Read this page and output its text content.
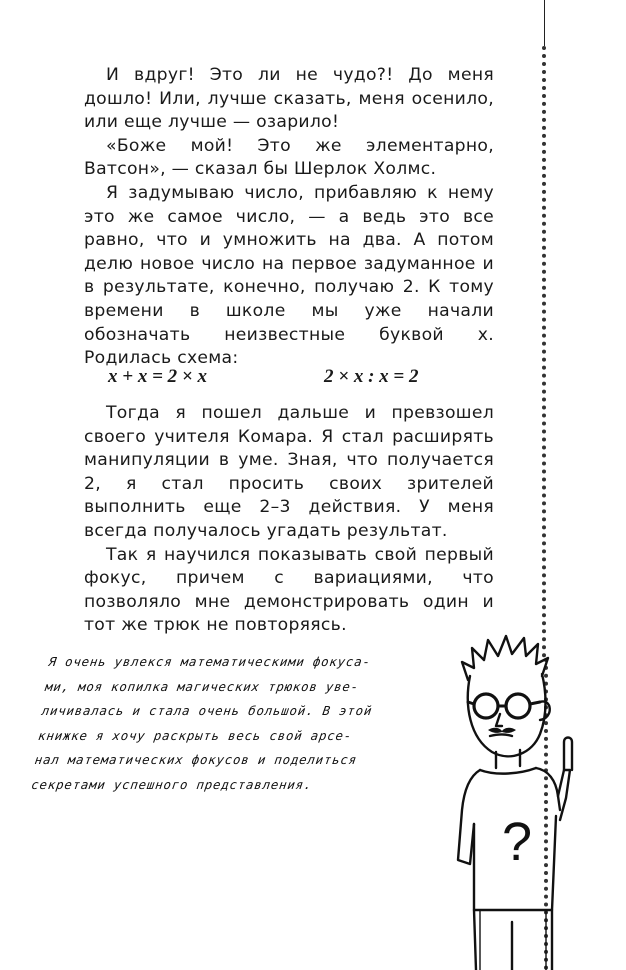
И вдруг! Это ли не чудо?! До меня дошло! Или, лучше сказать, меня осенило, или еще лучше — озарило!

«Боже мой! Это же элементарно, Ватсон», — сказал бы Шерлок Холмс.

Я задумываю число, прибавляю к нему это же самое число, — а ведь это все равно, что и умножить на два. А потом делю новое число на первое задуманное и в результате, конечно, получаю 2. К тому времени в школе мы уже начали обозначать неизвестные буквой х. Родилась схема:

x + x = 2 × x	2 × x : x = 2

Тогда я пошел дальше и превзошел своего учителя Комара. Я стал расширять манипуляции в уме. Зная, что получается 2, я стал просить своих зрителей выполнить еще 2–3 действия. У меня всегда получалось угадать результат.

Так я научился показывать свой первый фокус, причем с вариациями, что позволяло мне демонстрировать один и тот же трюк не повторяясь.

Я очень увлекся математическими фокуса-
ми, моя копилка магических трюков уве-
личивалась и стала очень большой. В этой
книжке я хочу раскрыть весь свой арсе-
нал математических фокусов и поделиться
секретами успешного представления.
?
